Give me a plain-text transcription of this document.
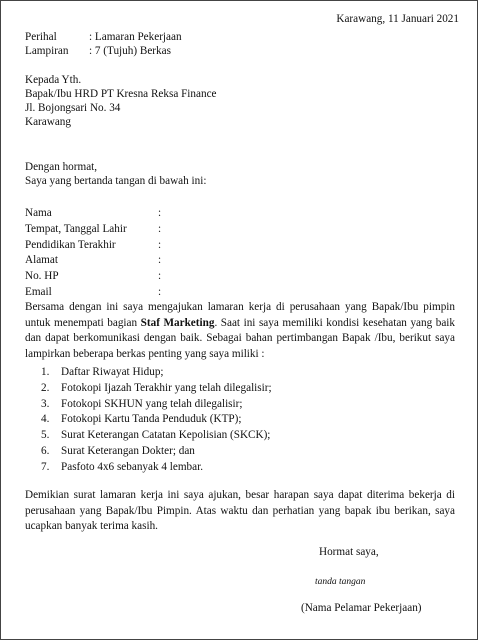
Karawang, 11 Januari 2021
Perihal	: Lamaran Pekerjaan
Lampiran : 7 (Tujuh) Berkas
Kepada Yth.
Bapak/Ibu HRD PT Kresna Reksa Finance
Jl. Bojongsari No. 34
Karawang
Dengan hormat,
Saya yang bertanda tangan di bawah ini:
Nama	:
Tempat, Tanggal Lahir	:
Pendidikan Terakhir	:
Alamat	:
No. HP	:
Email	:

Bersama dengan ini saya mengajukan lamaran kerja di perusahaan yang Bapak/Ibu pimpin untuk menempati bagian Staf Marketing. Saat ini saya memiliki kondisi kesehatan yang baik dan dapat berkomunikasi dengan baik. Sebagai bahan pertimbangan Bapak /Ibu, berikut saya lampirkan beberapa berkas penting yang saya miliki :

1. Daftar Riwayat Hidup;
2. Fotokopi Ijazah Terakhir yang telah dilegalisir;
3. Fotokopi SKHUN yang telah dilegalisir;
4. Fotokopi Kartu Tanda Penduduk (KTP);
5. Surat Keterangan Catatan Kepolisian (SKCK);
6. Surat Keterangan Dokter; dan
7. Pasfoto 4x6 sebanyak 4 lembar.

Demikian surat lamaran kerja ini saya ajukan, besar harapan saya dapat diterima bekerja di perusahaan yang Bapak/Ibu Pimpin. Atas waktu dan perhatian yang bapak ibu berikan, saya ucapkan banyak terima kasih.

Hormat saya,
tanda tangan
(Nama Pelamar Pekerjaan)
